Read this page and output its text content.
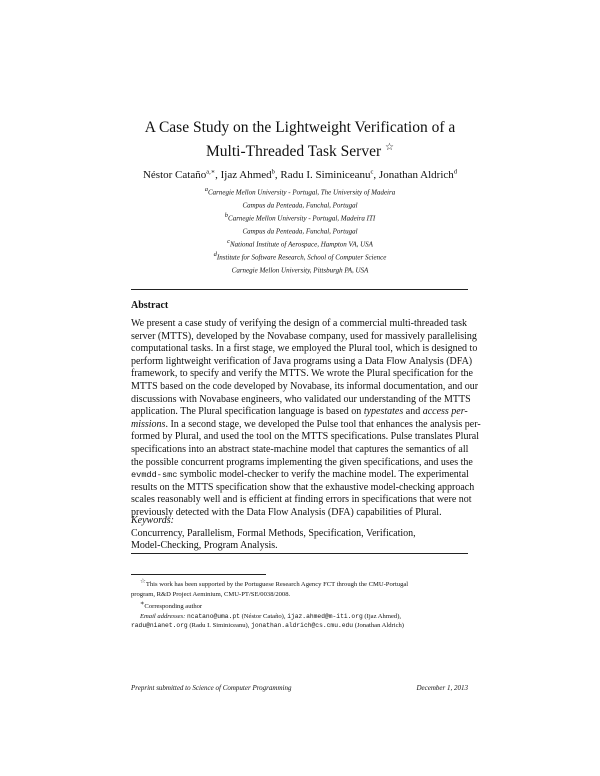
A Case Study on the Lightweight Verification of a
Multi-Threaded Task Server ☆
Néstor Cataño$^{a,∗}$, Ijaz Ahmed$^b$, Radu I. Siminiceanu$^c$, Jonathan Aldrich$^d$
$^a$Carnegie Mellon University - Portugal, The University of Madeira
Campus da Penteada, Funchal, Portugal
$^b$Carnegie Mellon University - Portugal, Madeira ITI
Campus da Penteada, Funchal, Portugal
$^c$National Institute of Aerospace, Hampton VA, USA
$^d$Institute for Software Research, School of Computer Science
Carnegie Mellon University, Pittsburgh PA, USA
Abstract
We present a case study of verifying the design of a commercial multi-threaded task
server (MTTS), developed by the Novabase company, used for massively parallelising
computational tasks. In a first stage, we employed the Plural tool, which is designed to
perform lightweight verification of Java programs using a Data Flow Analysis (DFA)
framework, to specify and verify the MTTS. We wrote the Plural specification for the
MTTS based on the code developed by Novabase, its informal documentation, and our
discussions with Novabase engineers, who validated our understanding of the MTTS
application. The Plural specification language is based on typestates and access per-
missions. In a second stage, we developed the Pulse tool that enhances the analysis per-
formed by Plural, and used the tool on the MTTS specifications. Pulse translates Plural
specifications into an abstract state-machine model that captures the semantics of all
the possible concurrent programs implementing the given specifications, and uses the
evmdd-smc symbolic model-checker to verify the machine model. The experimental
results on the MTTS specification show that the exhaustive model-checking approach
scales reasonably well and is efficient at finding errors in specifications that were not
previously detected with the Data Flow Analysis (DFA) capabilities of Plural.
Keywords:
Concurrency, Parallelism, Formal Methods, Specification, Verification,
Model-Checking, Program Analysis.
☆This work has been supported by the Portuguese Research Agency FCT through the CMU-Portugal
program, R&D Project Aeminium, CMU-PT/SE/0038/2008.
∗Corresponding author
Email addresses: ncatano@uma.pt (Néstor Cataño), ijaz.ahmed@m-iti.org (Ijaz Ahmed),
radu@nianet.org (Radu I. Siminiceanu), jonathan.aldrich@cs.cmu.edu (Jonathan Aldrich)
Preprint submitted to Science of Computer Programming	December 1, 2013
